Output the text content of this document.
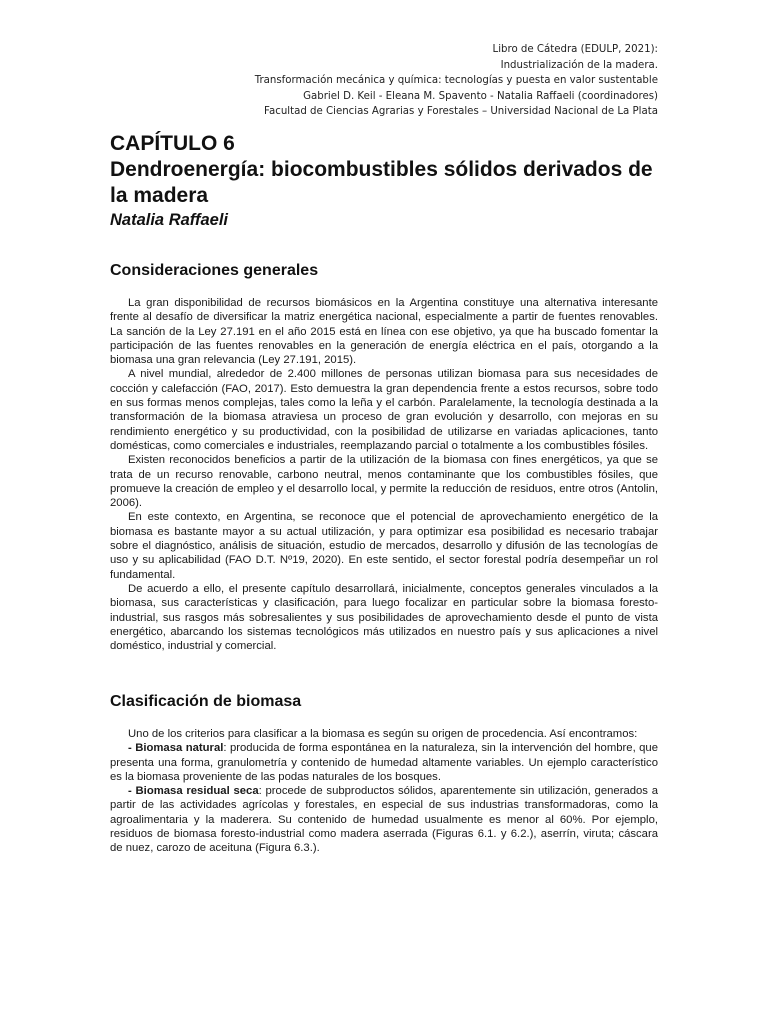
Libro de Cátedra (EDULP, 2021):
Industrialización de la madera.
Transformación mecánica y química: tecnologías y puesta en valor sustentable
Gabriel D. Keil - Eleana M. Spavento - Natalia Raffaeli (coordinadores)
Facultad de Ciencias Agrarias y Forestales – Universidad Nacional de La Plata
CAPÍTULO 6
Dendroenergía: biocombustibles sólidos derivados de la madera
Natalia Raffaeli
Consideraciones generales

La gran disponibilidad de recursos biomásicos en la Argentina constituye una alternativa interesante frente al desafío de diversificar la matriz energética nacional, especialmente a partir de fuentes renovables. La sanción de la Ley 27.191 en el año 2015 está en línea con ese objetivo, ya que ha buscado fomentar la participación de las fuentes renovables en la generación de energía eléctrica en el país, otorgando a la biomasa una gran relevancia (Ley 27.191, 2015).

A nivel mundial, alrededor de 2.400 millones de personas utilizan biomasa para sus necesidades de cocción y calefacción (FAO, 2017). Esto demuestra la gran dependencia frente a estos recursos, sobre todo en sus formas menos complejas, tales como la leña y el carbón. Paralelamente, la tecnología destinada a la transformación de la biomasa atraviesa un proceso de gran evolución y desarrollo, con mejoras en su rendimiento energético y su productividad, con la posibilidad de utilizarse en variadas aplicaciones, tanto domésticas, como comerciales e industriales, reemplazando parcial o totalmente a los combustibles fósiles.

Existen reconocidos beneficios a partir de la utilización de la biomasa con fines energéticos, ya que se trata de un recurso renovable, carbono neutral, menos contaminante que los combustibles fósiles, que promueve la creación de empleo y el desarrollo local, y permite la reducción de residuos, entre otros (Antolin, 2006).

En este contexto, en Argentina, se reconoce que el potencial de aprovechamiento energético de la biomasa es bastante mayor a su actual utilización, y para optimizar esa posibilidad es necesario trabajar sobre el diagnóstico, análisis de situación, estudio de mercados, desarrollo y difusión de las tecnologías de uso y su aplicabilidad (FAO D.T. Nº19, 2020). En este sentido, el sector forestal podría desempeñar un rol fundamental.

De acuerdo a ello, el presente capítulo desarrollará, inicialmente, conceptos generales vinculados a la biomasa, sus características y clasificación, para luego focalizar en particular sobre la biomasa foresto-industrial, sus rasgos más sobresalientes y sus posibilidades de aprovechamiento desde el punto de vista energético, abarcando los sistemas tecnológicos más utilizados en nuestro país y sus aplicaciones a nivel doméstico, industrial y comercial.

Clasificación de biomasa

Uno de los criterios para clasificar a la biomasa es según su origen de procedencia. Así encontramos:

- Biomasa natural: producida de forma espontánea en la naturaleza, sin la intervención del hombre, que presenta una forma, granulometría y contenido de humedad altamente variables. Un ejemplo característico es la biomasa proveniente de las podas naturales de los bosques.

- Biomasa residual seca: procede de subproductos sólidos, aparentemente sin utilización, generados a partir de las actividades agrícolas y forestales, en especial de sus industrias transformadoras, como la agroalimentaria y la maderera. Su contenido de humedad usualmente es menor al 60%. Por ejemplo, residuos de biomasa foresto-industrial como madera aserrada (Figuras 6.1. y 6.2.), aserrín, viruta; cáscara de nuez, carozo de aceituna (Figura 6.3.).
